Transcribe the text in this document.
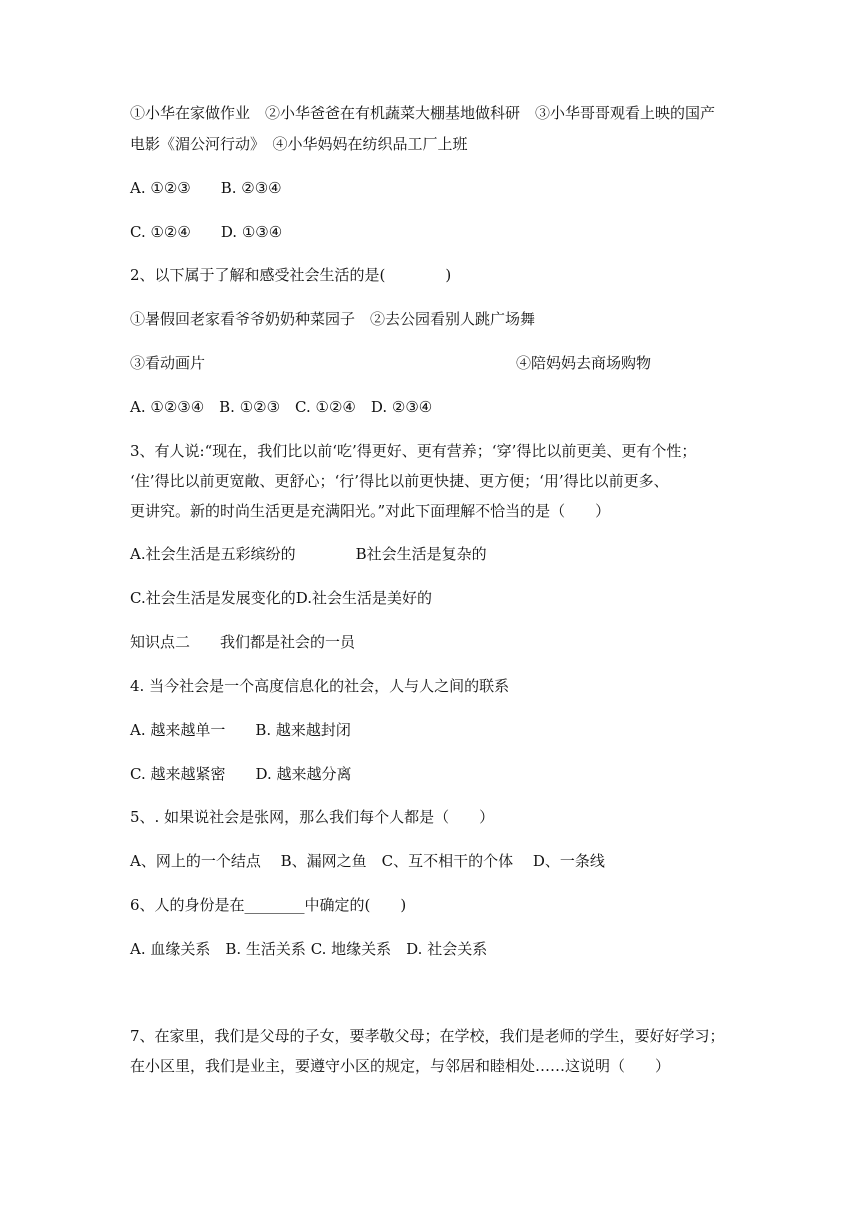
①小华在家做作业　②小华爸爸在有机蔬菜大棚基地做科研　③小华哥哥观看上映的国产
电影《湄公河行动》　④小华妈妈在纺织品工厂上班
A. ①②③　　B. ②③④
C. ①②④　　D. ①③④
2、以下属于了解和感受社会生活的是(　　　　)
①暑假回老家看爷爷奶奶种菜园子　②去公园看别人跳广场舞
③看动画片	④陪妈妈去商场购物
A. ①②③④　B. ①②③　C. ①②④　D. ②③④
3、有人说:“现在，我们比以前‘吃’得更好、更有营养；‘穿’得比以前更美、更有个性；
‘住’得比以前更宽敞、更舒心；‘行’得比以前更快捷、更方便；‘用’得比以前更多、
更讲究。新的时尚生活更是充满阳光。”对此下面理解不恰当的是（　　）
A.社会生活是五彩缤纷的　　　　B社会生活是复杂的
C.社会生活是发展变化的D.社会生活是美好的
知识点二　　我们都是社会的一员
4. 当今社会是一个高度信息化的社会，人与人之间的联系
A. 越来越单一　　B. 越来越封闭
C. 越来越紧密　　D. 越来越分离
5、. 如果说社会是张网，那么我们每个人都是（　　）
A、网上的一个结点　 B、漏网之鱼　C、互不相干的个体　 D、一条线
6、人的身份是在________中确定的(　　)
A. 血缘关系　B. 生活关系 C. 地缘关系　D. 社会关系
7、在家里，我们是父母的子女，要孝敬父母；在学校，我们是老师的学生，要好好学习；
在小区里，我们是业主，要遵守小区的规定，与邻居和睦相处……这说明（　　）
